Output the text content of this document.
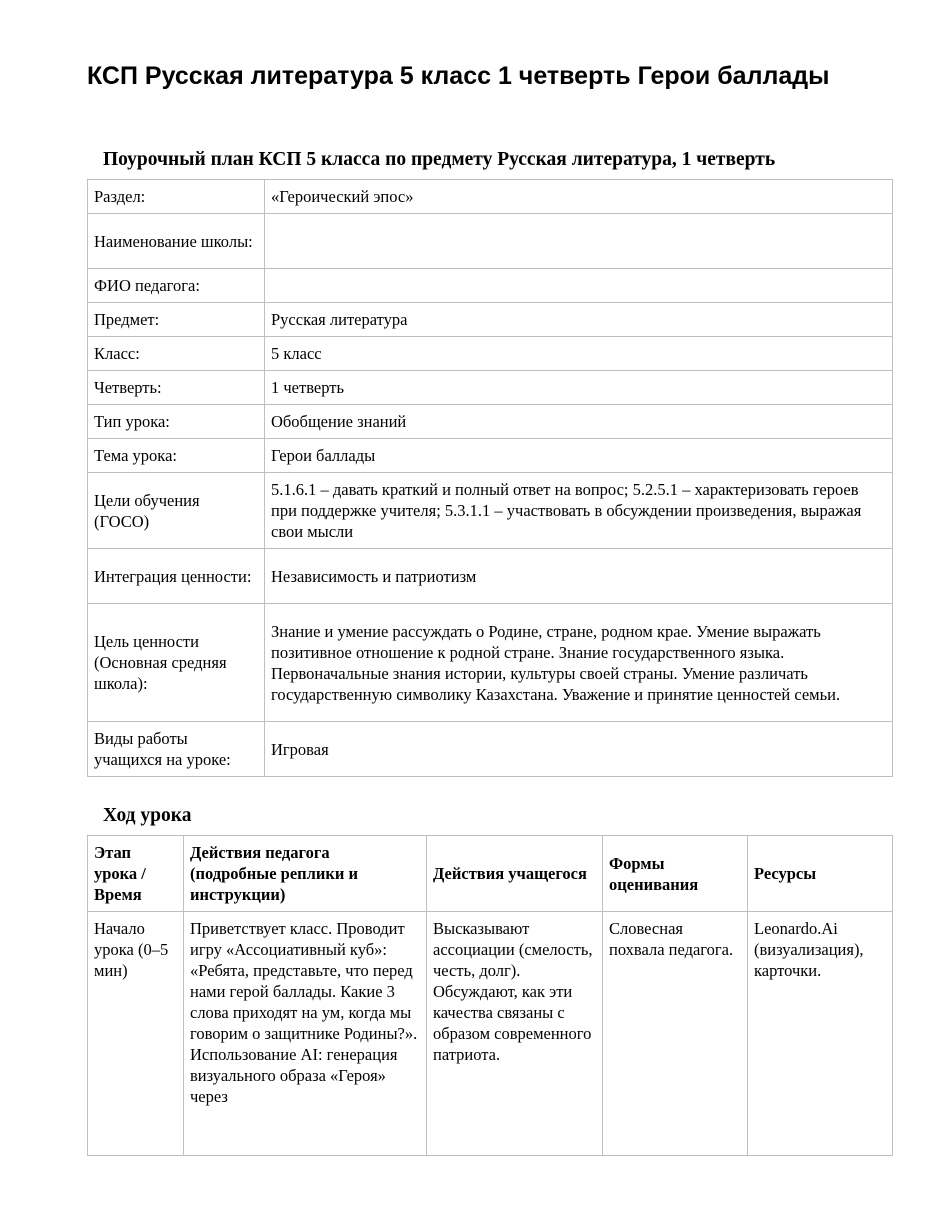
КСП Русская литература 5 класс 1 четверть Герои баллады
Поурочный план КСП 5 класса по предмету Русская литература, 1 четверть
Раздел:	«Героический эпос»
Наименование школы:	
ФИО педагога:	
Предмет:	Русская литература
Класс:	5 класс
Четверть:	1 четверть
Тип урока:	Обобщение знаний
Тема урока:	Герои баллады
Цели обучения (ГОСО)	5.1.6.1 – давать краткий и полный ответ на вопрос; 5.2.5.1 – характеризовать героев при поддержке учителя; 5.3.1.1 – участвовать в обсуждении произведения, выражая свои мысли
Интеграция ценности:	Независимость и патриотизм
Цель ценности (Основная средняя школа):	Знание и умение рассуждать о Родине, стране, родном крае. Умение выражать позитивное отношение к родной стране. Знание государственного языка. Первоначальные знания истории, культуры своей страны. Умение различать государственную символику Казахстана. Уважение и принятие ценностей семьи.
Виды работы учащихся на уроке:	Игровая
Ход урока
Этап урока / Время	Действия педагога (подробные реплики и инструкции)	Действия учащегося	Формы оценивания	Ресурсы
Начало урока (0–5 мин)	Приветствует класс. Проводит игру «Ассоциативный куб»: «Ребята, представьте, что перед нами герой баллады. Какие 3 слова приходят на ум, когда мы говорим о защитнике Родины?». Использование AI: генерация визуального образа «Героя» через	Высказывают ассоциации (смелость, честь, долг). Обсуждают, как эти качества связаны с образом современного патриота.	Словесная похвала педагога.	Leonardo.Ai (визуализация), карточки.
